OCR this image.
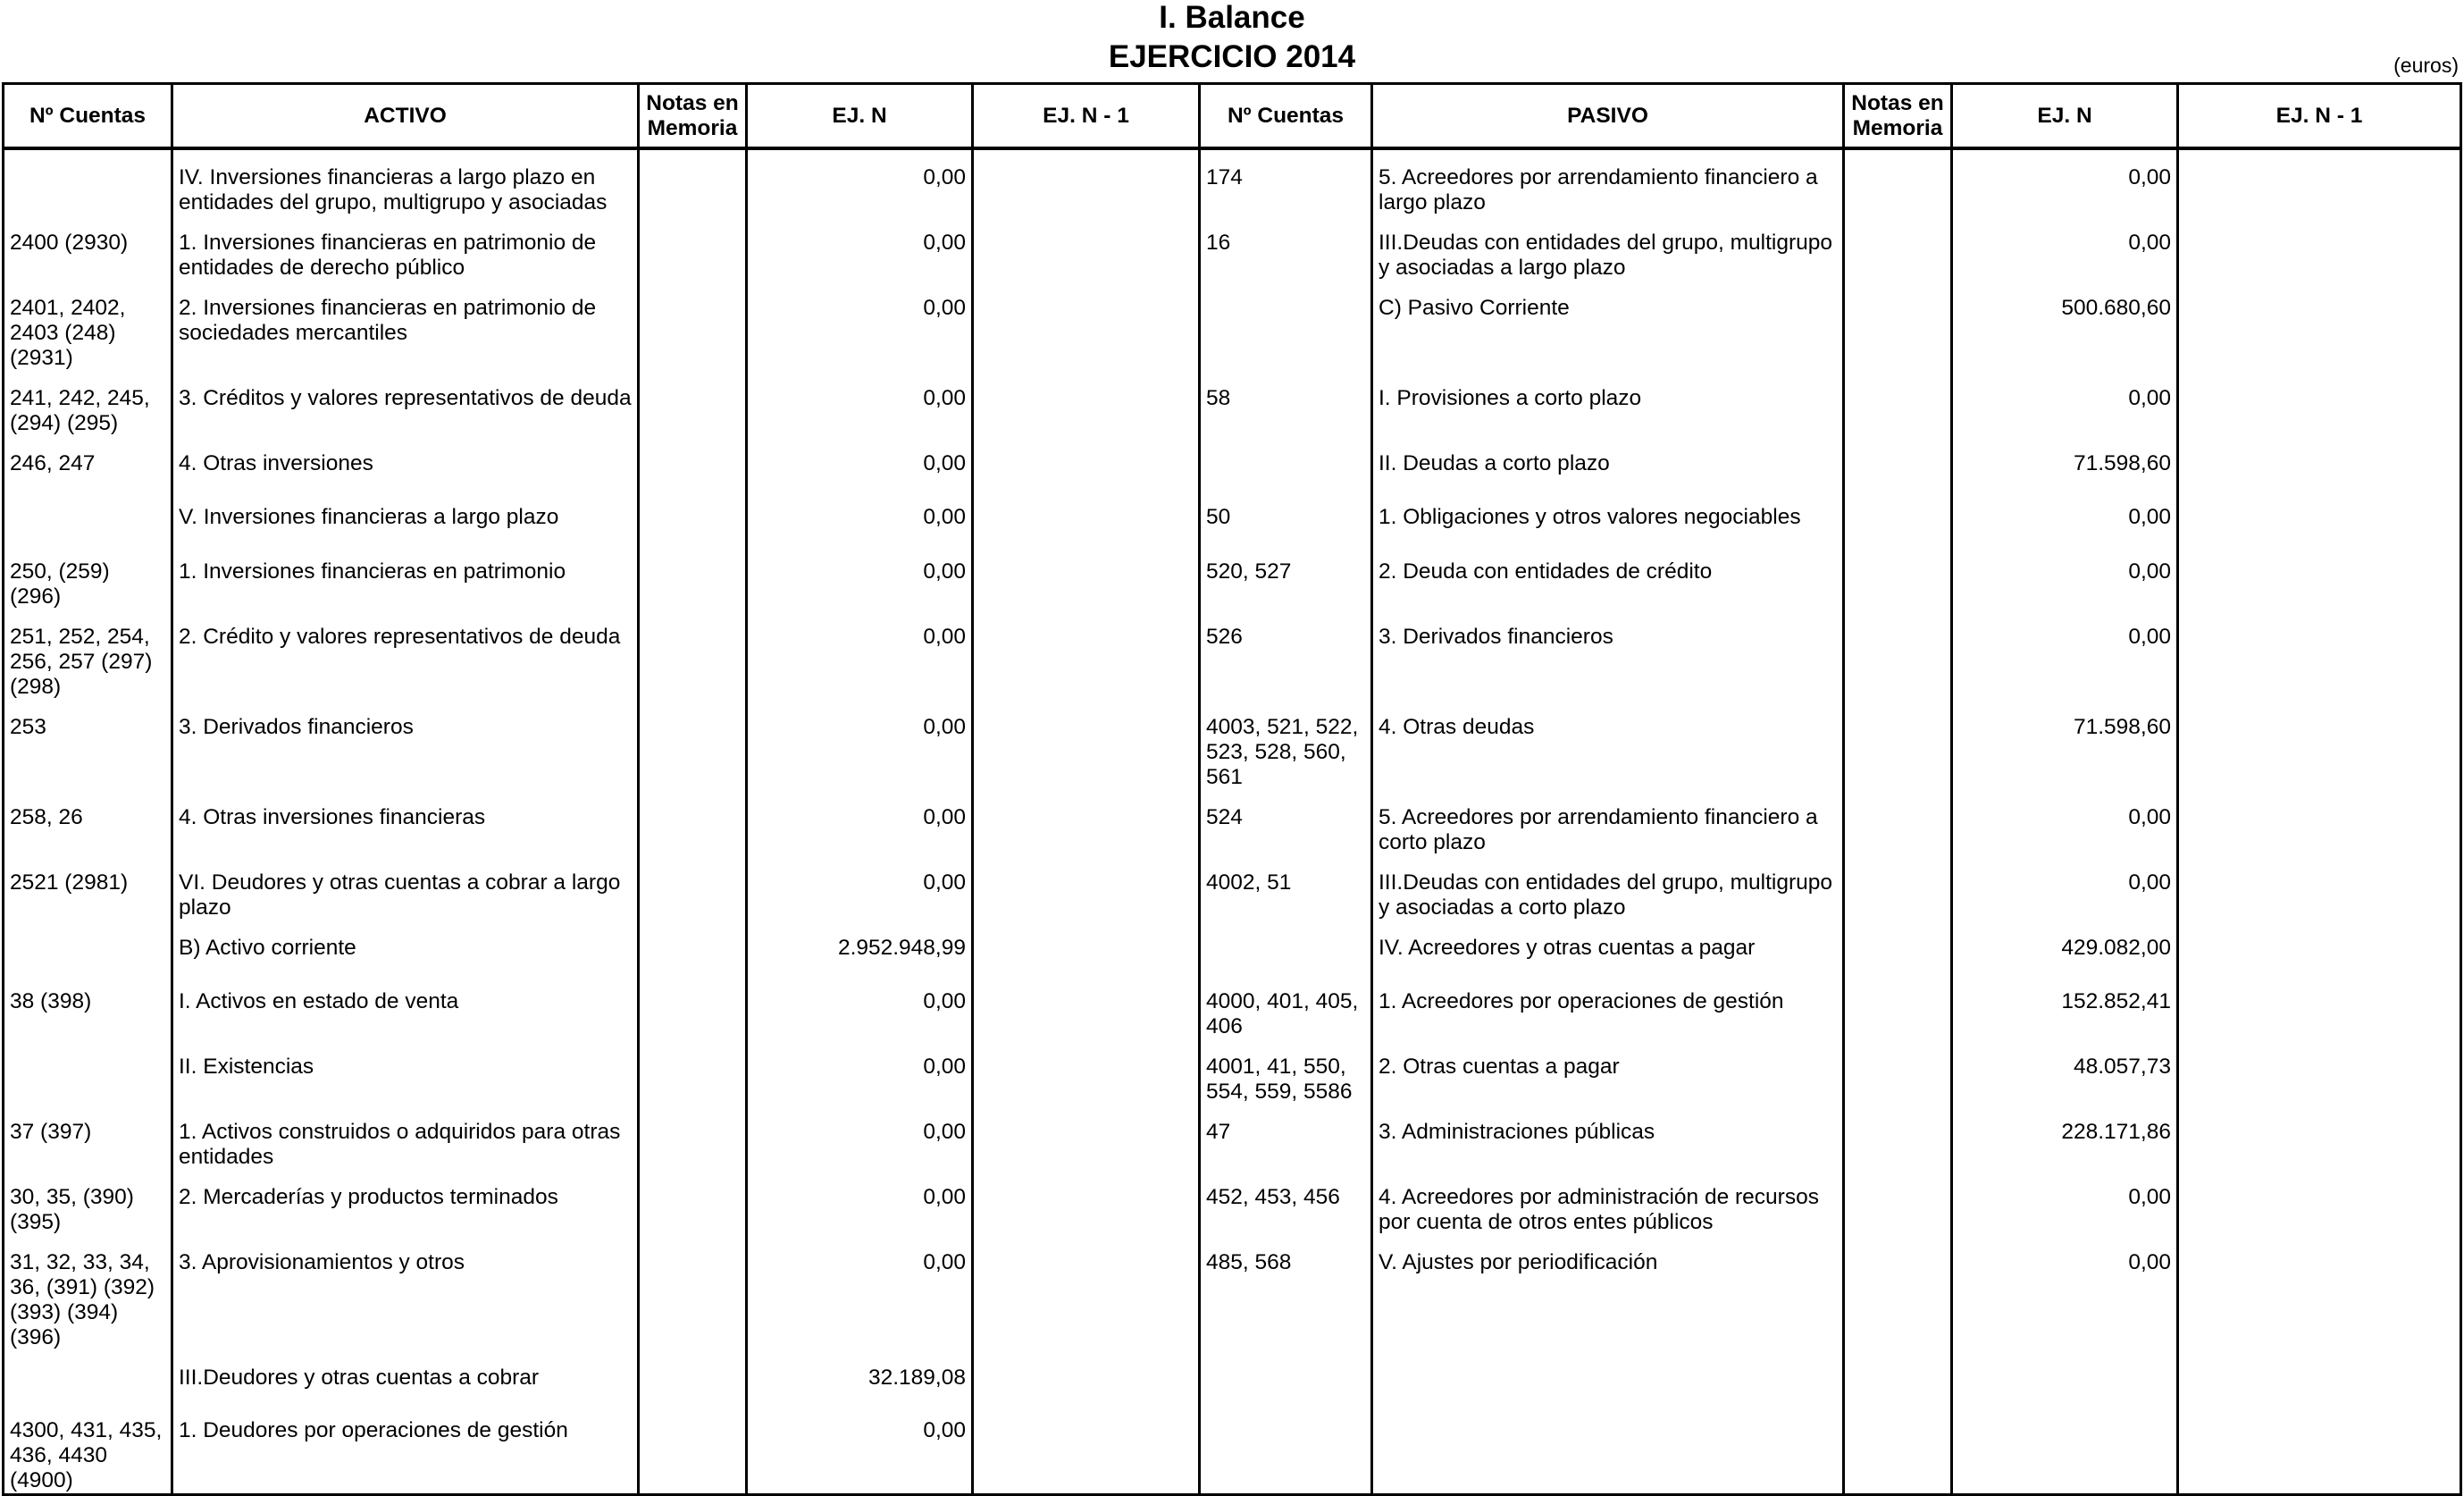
I. Balance
EJERCICIO 2014	(euros)
Nº Cuentas	ACTIVO	Notas en Memoria	EJ. N	EJ. N - 1	Nº Cuentas	PASIVO	Notas en Memoria	EJ. N	EJ. N - 1
	IV. Inversiones financieras a largo plazo en entidades del grupo, multigrupo y asociadas		0,00		174	5. Acreedores por arrendamiento financiero a largo plazo		0,00	
2400 (2930)	1. Inversiones financieras en patrimonio de entidades de derecho público		0,00		16	III.Deudas con entidades del grupo, multigrupo y asociadas a largo plazo		0,00	
2401, 2402, 2403 (248) (2931)	2. Inversiones financieras en patrimonio de sociedades mercantiles		0,00			C) Pasivo Corriente		500.680,60	
241, 242, 245, (294) (295)	3. Créditos y valores representativos de deuda		0,00		58	I. Provisiones a corto plazo		0,00	
246, 247	4. Otras inversiones		0,00			II. Deudas a corto plazo		71.598,60	
	V. Inversiones financieras a largo plazo		0,00		50	1. Obligaciones y otros valores negociables		0,00	
250, (259) (296)	1. Inversiones financieras en patrimonio		0,00		520, 527	2. Deuda con entidades de crédito		0,00	
251, 252, 254, 256, 257 (297) (298)	2. Crédito y valores representativos de deuda		0,00		526	3. Derivados financieros		0,00	
253	3. Derivados financieros		0,00		4003, 521, 522, 523, 528, 560, 561	4. Otras deudas		71.598,60	
258, 26	4. Otras inversiones financieras		0,00		524	5. Acreedores por arrendamiento financiero a corto plazo		0,00	
2521 (2981)	VI. Deudores y otras cuentas a cobrar a largo plazo		0,00		4002, 51	III.Deudas con entidades del grupo, multigrupo y asociadas a corto plazo		0,00	
	B) Activo corriente		2.952.948,99			IV. Acreedores y otras cuentas a pagar		429.082,00	
38 (398)	I. Activos en estado de venta		0,00		4000, 401, 405, 406	1. Acreedores por operaciones de gestión		152.852,41	
	II. Existencias		0,00		4001, 41, 550, 554, 559, 5586	2. Otras cuentas a pagar		48.057,73	
37 (397)	1. Activos construidos o adquiridos para otras entidades		0,00		47	3. Administraciones públicas		228.171,86	
30, 35, (390) (395)	2. Mercaderías y productos terminados		0,00		452, 453, 456	4. Acreedores por administración de recursos por cuenta de otros entes públicos		0,00	
31, 32, 33, 34, 36, (391) (392) (393) (394) (396)	3. Aprovisionamientos y otros		0,00		485, 568	V. Ajustes por periodificación		0,00	
	III.Deudores y otras cuentas a cobrar		32.189,08						
4300, 431, 435, 436, 4430 (4900)	1. Deudores por operaciones de gestión		0,00						
